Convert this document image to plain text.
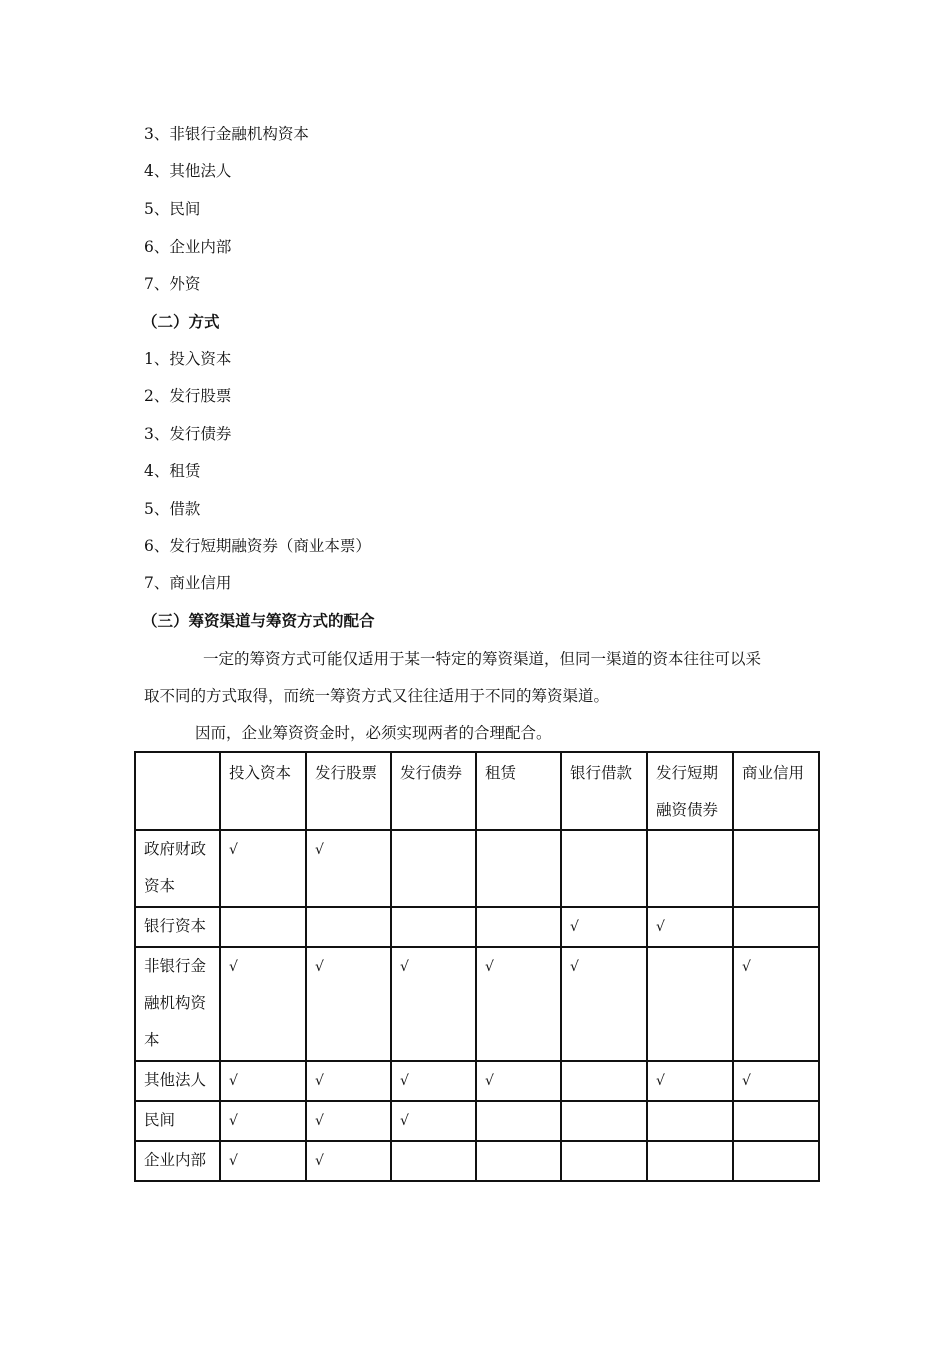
3、非银行金融机构资本
4、其他法人
5、民间
6、企业内部
7、外资
（二）方式
1、投入资本
2、发行股票
3、发行债券
4、租赁
5、借款
6、发行短期融资券（商业本票）
7、商业信用
（三）筹资渠道与筹资方式的配合
一定的筹资方式可能仅适用于某一特定的筹资渠道，但同一渠道的资本往往可以采
取不同的方式取得，而统一筹资方式又往往适用于不同的筹资渠道。
因而，企业筹资资金时，必须实现两者的合理配合。
	投入资本	发行股票	发行债券	租赁	银行借款	发行短期融资债券	商业信用
政府财政资本	√	√					
银行资本					√	√	
非银行金融机构资本	√	√	√	√	√		√
其他法人	√	√	√	√		√	√
民间	√	√	√				
企业内部	√	√					
